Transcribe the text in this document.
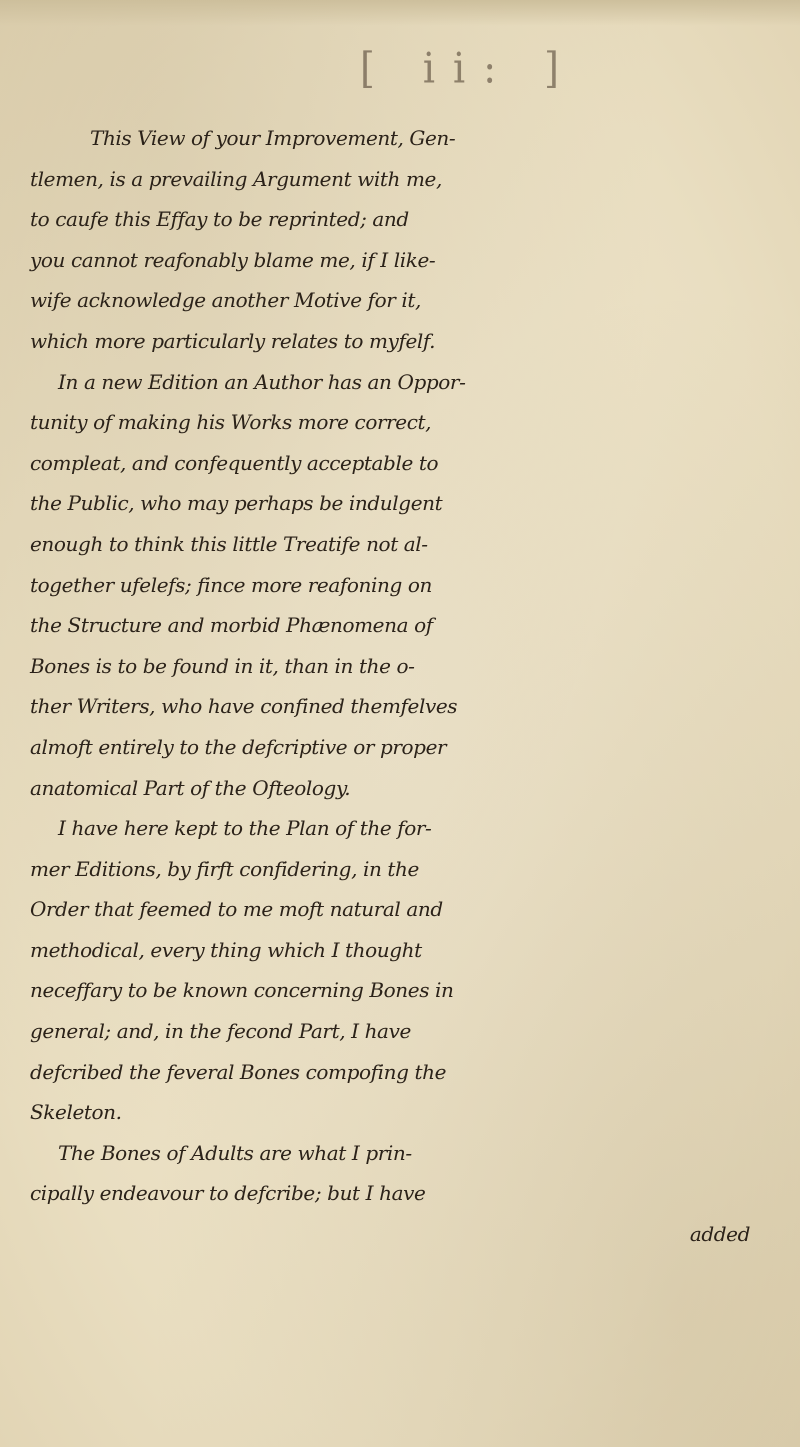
[ ii: ]
This View of your Improvement, Gen-
tlemen, is a prevailing Argument with me,
to caufe this Effay to be reprinted; and
you cannot reafonably blame me, if I like-
wife acknowledge another Motive for it,
which more particularly relates to myfelf.
In a new Edition an Author has an Oppor-
tunity of making his Works more correct,
compleat, and confequently acceptable to
the Public, who may perhaps be indulgent
enough to think this little Treatife not al-
together ufelefs; fince more reafoning on
the Structure and morbid Phænomena of
Bones is to be found in it, than in the o-
ther Writers, who have confined themfelves
almoft entirely to the defcriptive or proper
anatomical Part of the Ofteology.
I have here kept to the Plan of the for-
mer Editions, by firft confidering, in the
Order that feemed to me moft natural and
methodical, every thing which I thought
neceffary to be known concerning Bones in
general; and, in the fecond Part, I have
defcribed the feveral Bones compofing the
Skeleton.
The Bones of Adults are what I prin-
cipally endeavour to defcribe; but I have
added
